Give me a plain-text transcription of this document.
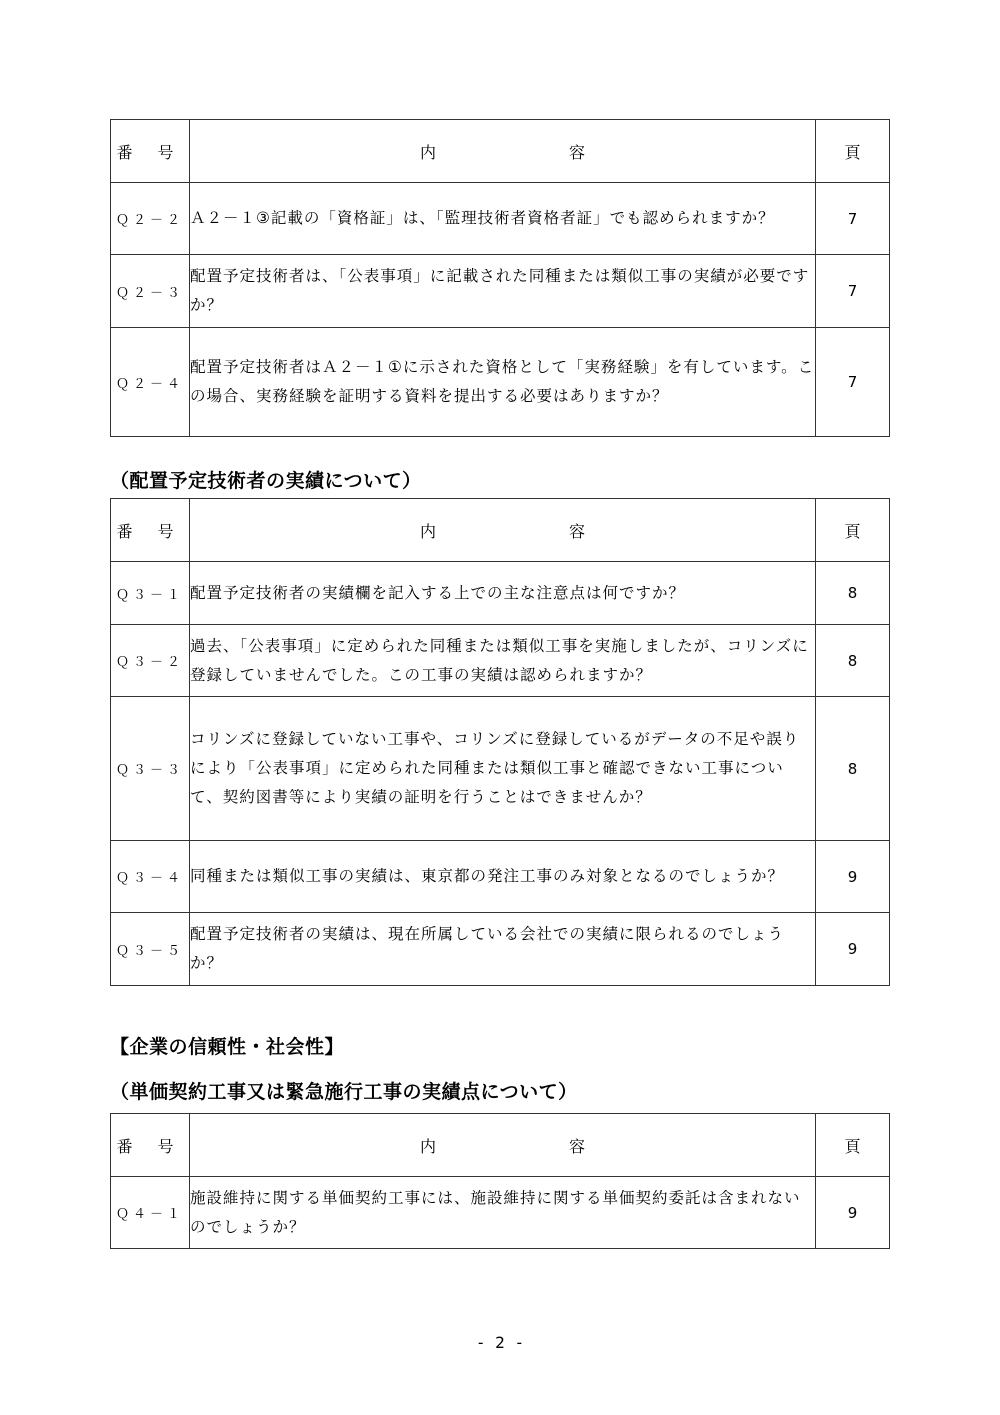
番 号	内 容	頁
Ｑ２－２	Ａ２－１③記載の「資格証」は、「監理技術者資格者証」でも認められますか？	7
Ｑ２－３	配置予定技術者は、「公表事項」に記載された同種または類似工事の実績が必要ですか？	7
Ｑ２－４	配置予定技術者はＡ２－１①に示された資格として「実務経験」を有しています。この場合、実務経験を証明する資料を提出する必要はありますか？	7
（配置予定技術者の実績について）
番 号	内 容	頁
Ｑ３－１	配置予定技術者の実績欄を記入する上での主な注意点は何ですか？	8
Ｑ３－２	過去、「公表事項」に定められた同種または類似工事を実施しましたが、コリンズに登録していませんでした。この工事の実績は認められますか？	8
Ｑ３－３	コリンズに登録していない工事や、コリンズに登録しているがデータの不足や誤りにより「公表事項」に定められた同種または類似工事と確認できない工事について、契約図書等により実績の証明を行うことはできませんか？	8
Ｑ３－４	同種または類似工事の実績は、東京都の発注工事のみ対象となるのでしょうか？	9
Ｑ３－５	配置予定技術者の実績は、現在所属している会社での実績に限られるのでしょうか？	9
【企業の信頼性・社会性】
（単価契約工事又は緊急施行工事の実績点について）
番 号	内 容	頁
Ｑ４－１	施設維持に関する単価契約工事には、施設維持に関する単価契約委託は含まれないのでしょうか？	9
- 2 -
